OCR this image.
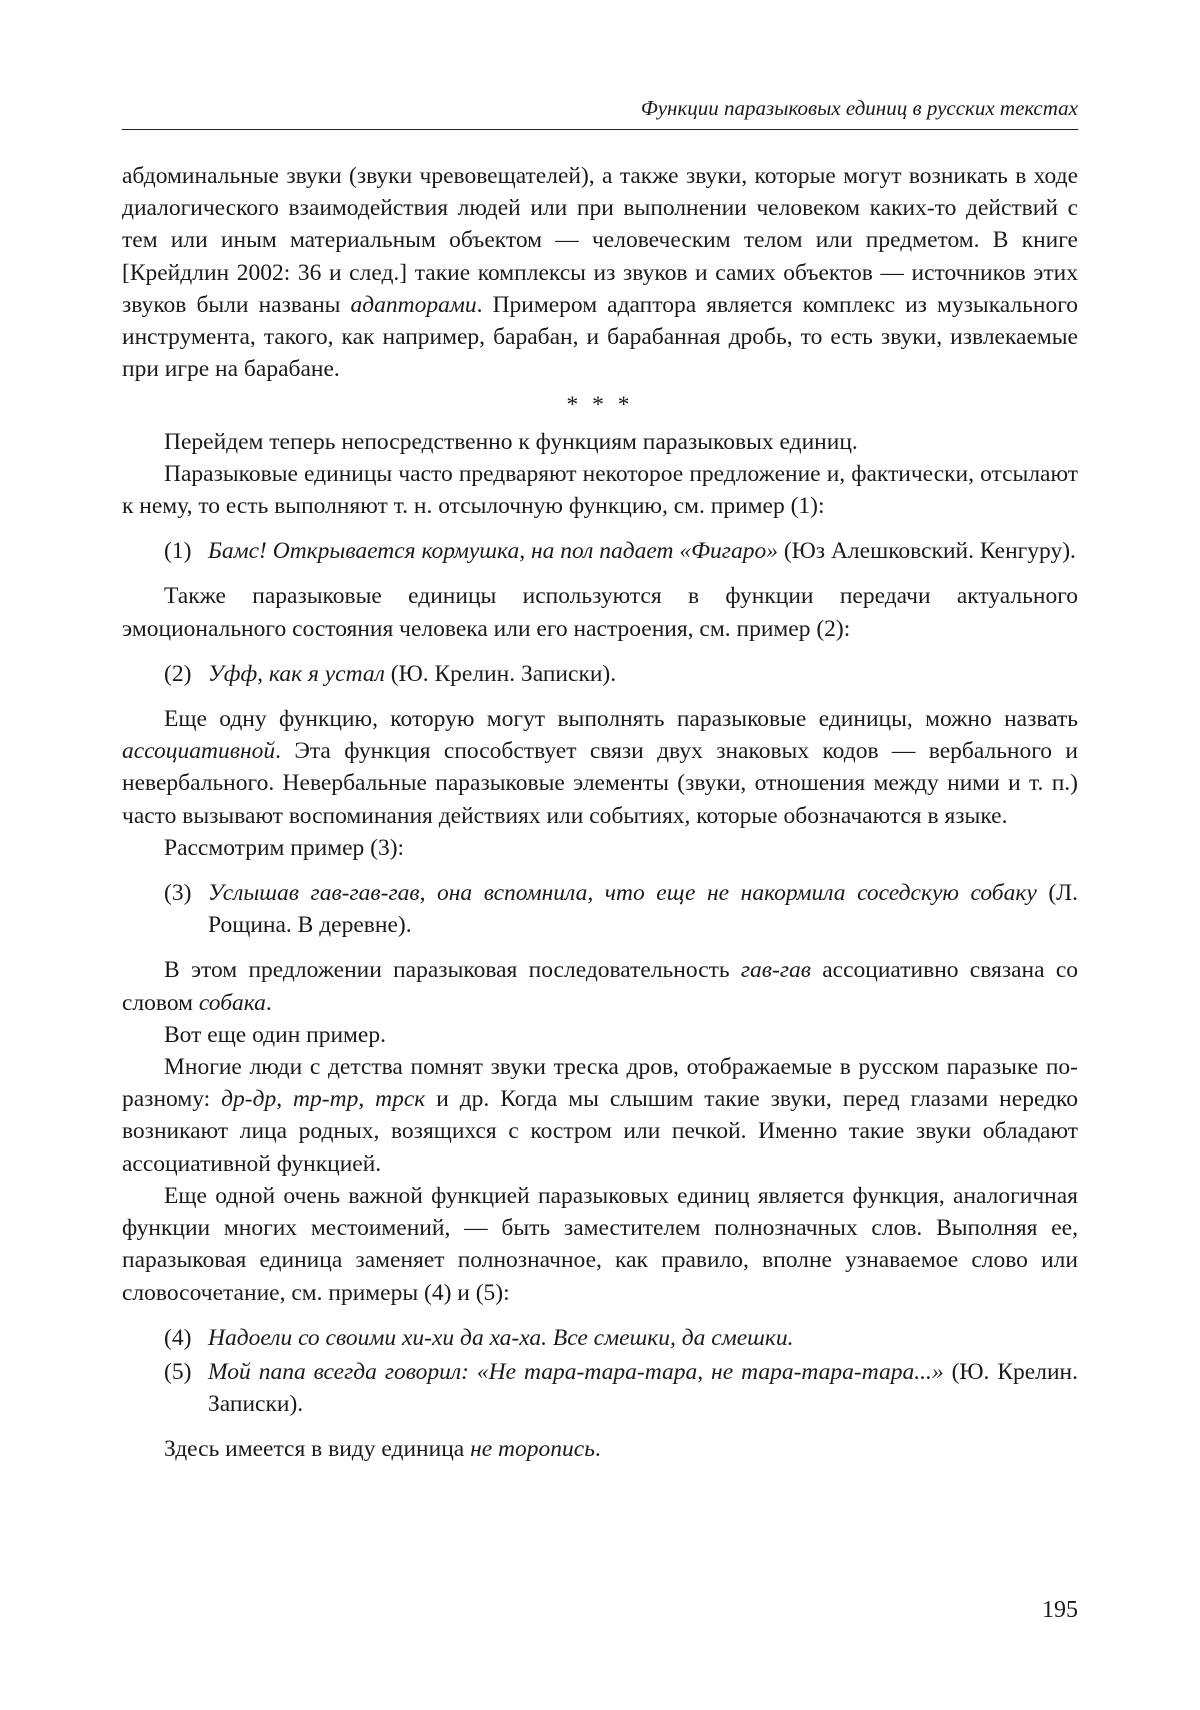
Функции паразыковых единиц в русских текстах

абдоминальные звуки (звуки чревовещателей), а также звуки, которые могут возникать в ходе диалогического взаимодействия людей или при выполнении человеком каких-то действий с тем или иным материальным объектом — человеческим телом или предметом. В книге [Крейдлин 2002: 36 и след.] такие комплексы из звуков и самих объектов — источников этих звуков были названы адапторами. Примером адаптора является комплекс из музыкального инструмента, такого, как например, барабан, и барабанная дробь, то есть звуки, извлекаемые при игре на барабане.

* * *

Перейдем теперь непосредственно к функциям паразыковых единиц.

Паразыковые единицы часто предваряют некоторое предложение и, фактически, отсылают к нему, то есть выполняют т. н. отсылочную функцию, см. пример (1):

(1) Бамс! Открывается кормушка, на пол падает «Фигаро» (Юз Алешковский. Кенгуру).

Также паразыковые единицы используются в функции передачи актуального эмоционального состояния человека или его настроения, см. пример (2):

(2) Уфф, как я устал (Ю. Крелин. Записки).

Еще одну функцию, которую могут выполнять паразыковые единицы, можно назвать ассоциативной. Эта функция способствует связи двух знаковых кодов — вербального и невербального. Невербальные паразыковые элементы (звуки, отношения между ними и т. п.) часто вызывают воспоминания действиях или событиях, которые обозначаются в языке.

Рассмотрим пример (3):

(3) Услышав гав-гав-гав, она вспомнила, что еще не накормила соседскую собаку (Л. Рощина. В деревне).

В этом предложении паразыковая последовательность гав-гав ассоциативно связана со словом собака.

Вот еще один пример.

Многие люди с детства помнят звуки треска дров, отображаемые в русском паразыке по-разному: др-др, тр-тр, трск и др. Когда мы слышим такие звуки, перед глазами нередко возникают лица родных, возящихся с костром или печкой. Именно такие звуки обладают ассоциативной функцией.

Еще одной очень важной функцией паразыковых единиц является функция, аналогичная функции многих местоимений, — быть заместителем полнозначных слов. Выполняя ее, паразыковая единица заменяет полнозначное, как правило, вполне узнаваемое слово или словосочетание, см. примеры (4) и (5):

(4) Надоели со своими хи-хи да ха-ха. Все смешки, да смешки.

(5) Мой папа всегда говорил: «Не тара-тара-тара, не тара-тара-тара...» (Ю. Крелин. Записки).

Здесь имеется в виду единица не торопись.

195
